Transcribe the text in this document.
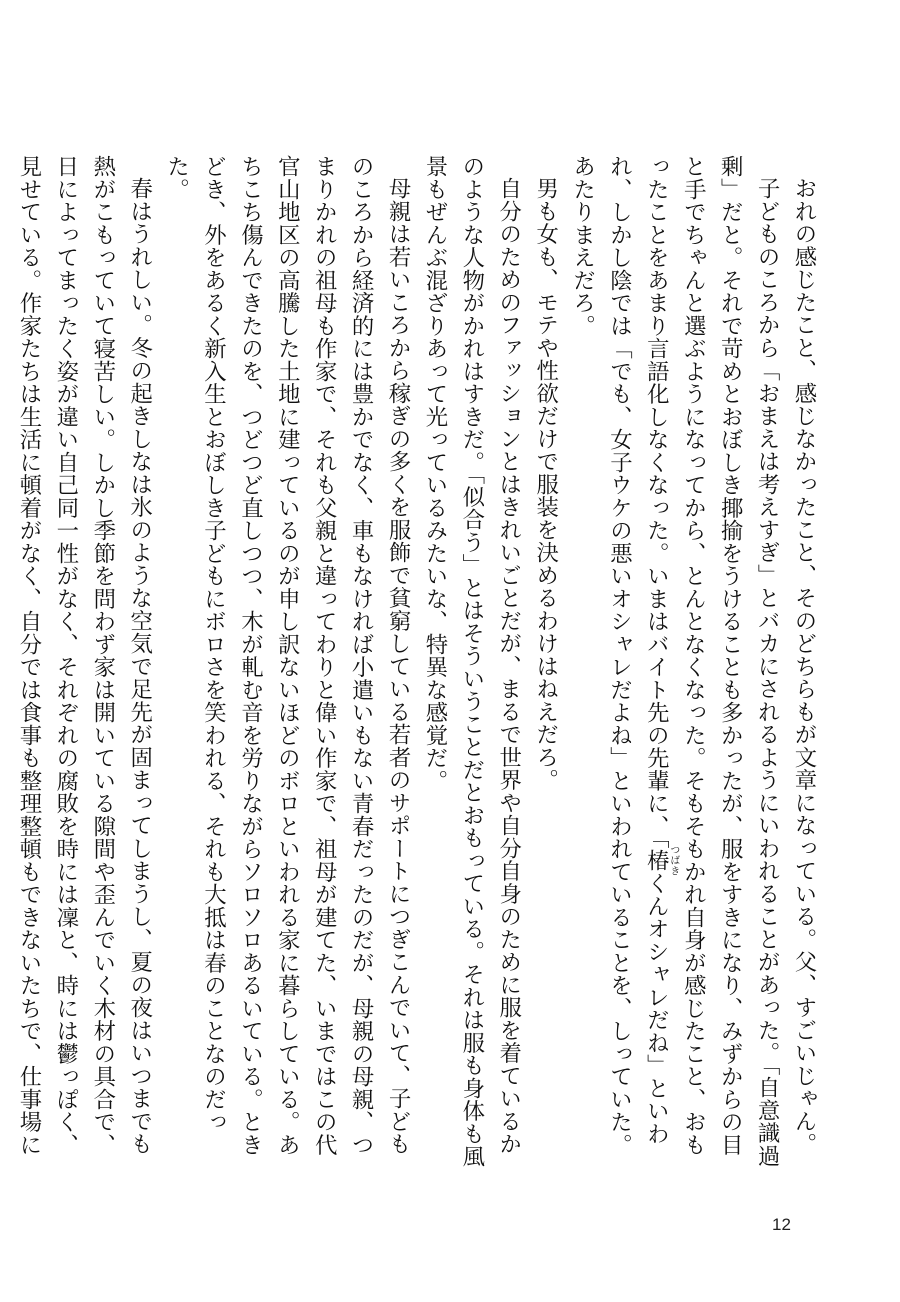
おれの感じたこと、感じなかったこと、そのどちらもが文章になっている。父、すごいじゃん。

子どものころから「おまえは考えすぎ」とバカにされるようにいわれることがあった。「自意識過剰」だと。それで苛めとおぼしき揶揄をうけることも多かったが、服をすきになり、みずからの目と手でちゃんと選ぶようになってから、とんとなくなった。そもそもかれ自身が感じたこと、おもったことをあまり言語化しなくなった。いまはバイト先の先輩に、「椿つばきくんオシャレだね」といわれ、しかし陰では「でも、女子ウケの悪いオシャレだよね」といわれていることを、しっていた。あたりまえだろ。

男も女も、モテや性欲だけで服装を決めるわけはねえだろ。

自分のためのファッションとはきれいごとだが、まるで世界や自分自身のために服を着ているかのような人物がかれはすきだ。「似合う」とはそういうことだとおもっている。それは服も身体も風景もぜんぶ混ざりあって光っているみたいな、特異な感覚だ。

母親は若いころから稼ぎの多くを服飾で貧窮している若者のサポートにつぎこんでいて、子どものころから経済的には豊かでなく、車もなければ小遣いもない青春だったのだが、母親の母親、つまりかれの祖母も作家で、それも父親と違ってわりと偉い作家で、祖母が建てた、いまではこの代官山地区の高騰した土地に建っているのが申し訳ないほどのボロといわれる家に暮らしている。あちこち傷んできたのを、つどつど直しつつ、木が軋む音を労りながらソロソロあるいている。ときどき、外をあるく新入生とおぼしき子どもにボロさを笑われる、それも大抵は春のことなのだった。

春はうれしい。冬の起きしなは氷のような空気で足先が固まってしまうし、夏の夜はいつまでも熱がこもっていて寝苦しい。しかし季節を問わず家は開いている隙間や歪んでいく木材の具合で、日によってまったく姿が違い自己同一性がなく、それぞれの腐敗を時には凜と、時には鬱っぽく、見せている。作家たちは生活に頓着がなく、自分では食事も整理整頓もできないたちで、仕事場に

12
